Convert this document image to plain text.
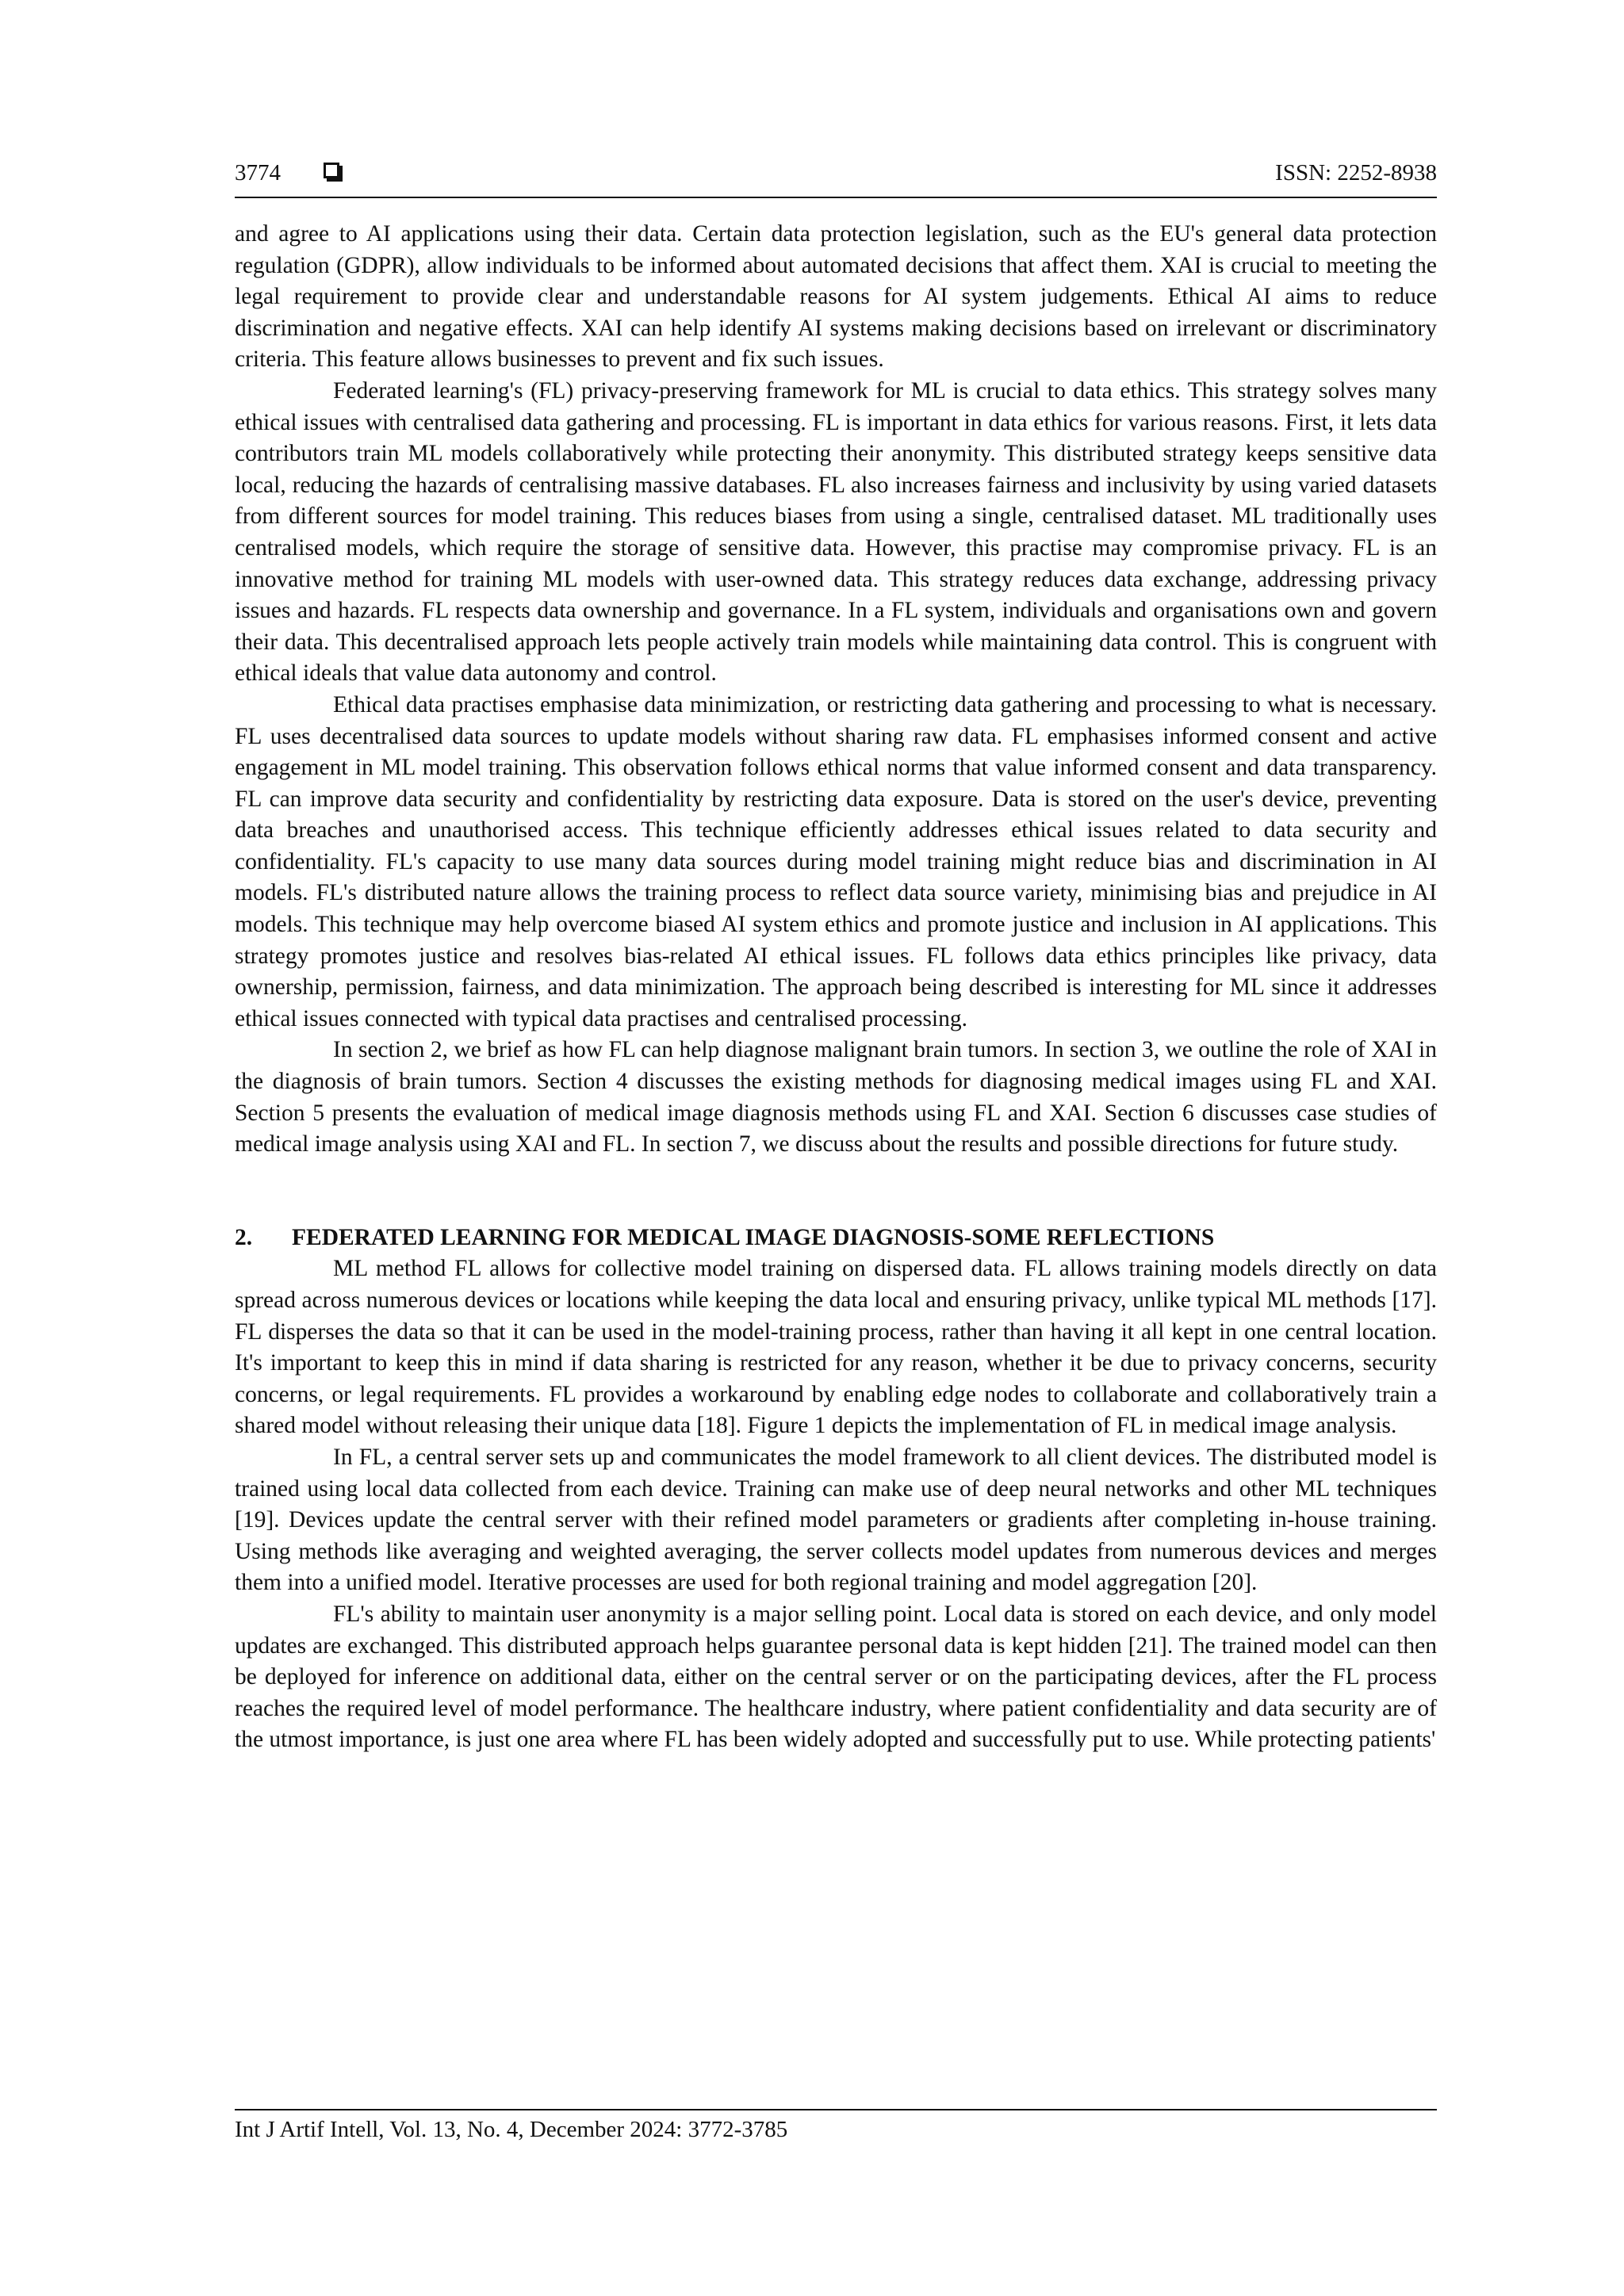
3774	ISSN: 2252-8938

and agree to AI applications using their data. Certain data protection legislation, such as the EU's general data protection regulation (GDPR), allow individuals to be informed about automated decisions that affect them. XAI is crucial to meeting the legal requirement to provide clear and understandable reasons for AI system judgements. Ethical AI aims to reduce discrimination and negative effects. XAI can help identify AI systems making decisions based on irrelevant or discriminatory criteria. This feature allows businesses to prevent and fix such issues.

Federated learning's (FL) privacy-preserving framework for ML is crucial to data ethics. This strategy solves many ethical issues with centralised data gathering and processing. FL is important in data ethics for various reasons. First, it lets data contributors train ML models collaboratively while protecting their anonymity. This distributed strategy keeps sensitive data local, reducing the hazards of centralising massive databases. FL also increases fairness and inclusivity by using varied datasets from different sources for model training. This reduces biases from using a single, centralised dataset. ML traditionally uses centralised models, which require the storage of sensitive data. However, this practise may compromise privacy. FL is an innovative method for training ML models with user-owned data. This strategy reduces data exchange, addressing privacy issues and hazards. FL respects data ownership and governance. In a FL system, individuals and organisations own and govern their data. This decentralised approach lets people actively train models while maintaining data control. This is congruent with ethical ideals that value data autonomy and control.

Ethical data practises emphasise data minimization, or restricting data gathering and processing to what is necessary. FL uses decentralised data sources to update models without sharing raw data. FL emphasises informed consent and active engagement in ML model training. This observation follows ethical norms that value informed consent and data transparency. FL can improve data security and confidentiality by restricting data exposure. Data is stored on the user's device, preventing data breaches and unauthorised access. This technique efficiently addresses ethical issues related to data security and confidentiality. FL's capacity to use many data sources during model training might reduce bias and discrimination in AI models. FL's distributed nature allows the training process to reflect data source variety, minimising bias and prejudice in AI models. This technique may help overcome biased AI system ethics and promote justice and inclusion in AI applications. This strategy promotes justice and resolves bias-related AI ethical issues. FL follows data ethics principles like privacy, data ownership, permission, fairness, and data minimization. The approach being described is interesting for ML since it addresses ethical issues connected with typical data practises and centralised processing.

In section 2, we brief as how FL can help diagnose malignant brain tumors. In section 3, we outline the role of XAI in the diagnosis of brain tumors. Section 4 discusses the existing methods for diagnosing medical images using FL and XAI. Section 5 presents the evaluation of medical image diagnosis methods using FL and XAI. Section 6 discusses case studies of medical image analysis using XAI and FL. In section 7, we discuss about the results and possible directions for future study.

2. FEDERATED LEARNING FOR MEDICAL IMAGE DIAGNOSIS-SOME REFLECTIONS

ML method FL allows for collective model training on dispersed data. FL allows training models directly on data spread across numerous devices or locations while keeping the data local and ensuring privacy, unlike typical ML methods [17]. FL disperses the data so that it can be used in the model-training process, rather than having it all kept in one central location. It's important to keep this in mind if data sharing is restricted for any reason, whether it be due to privacy concerns, security concerns, or legal requirements. FL provides a workaround by enabling edge nodes to collaborate and collaboratively train a shared model without releasing their unique data [18]. Figure 1 depicts the implementation of FL in medical image analysis.

In FL, a central server sets up and communicates the model framework to all client devices. The distributed model is trained using local data collected from each device. Training can make use of deep neural networks and other ML techniques [19]. Devices update the central server with their refined model parameters or gradients after completing in-house training. Using methods like averaging and weighted averaging, the server collects model updates from numerous devices and merges them into a unified model. Iterative processes are used for both regional training and model aggregation [20].

FL's ability to maintain user anonymity is a major selling point. Local data is stored on each device, and only model updates are exchanged. This distributed approach helps guarantee personal data is kept hidden [21]. The trained model can then be deployed for inference on additional data, either on the central server or on the participating devices, after the FL process reaches the required level of model performance. The healthcare industry, where patient confidentiality and data security are of the utmost importance, is just one area where FL has been widely adopted and successfully put to use. While protecting patients'

Int J Artif Intell, Vol. 13, No. 4, December 2024: 3772-3785
